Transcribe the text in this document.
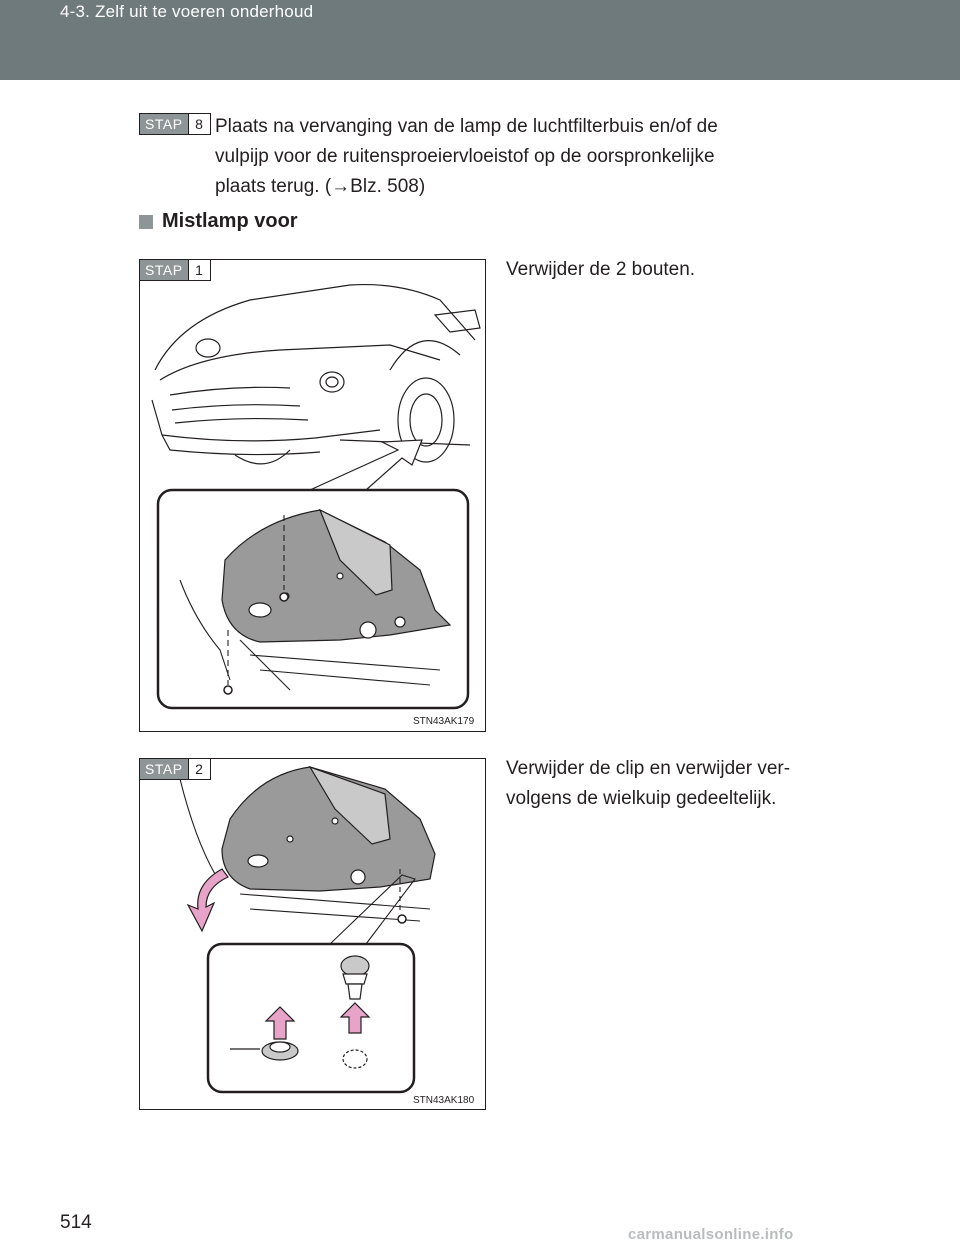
4-3. Zelf uit te voeren onderhoud
STAP 8 Plaats na vervanging van de lamp de luchtfilterbuis en/of de
vulpijp voor de ruitensproeiervloeistof op de oorspronkelijke
plaats terug. (→Blz. 508)
Mistlamp voor
STAP 1
STN43AK179
Verwijder de 2 bouten.
STAP 2
STN43AK180
Verwijder de clip en verwijder ver-
volgens de wielkuip gedeeltelijk.
514
carmanualsonline.info
